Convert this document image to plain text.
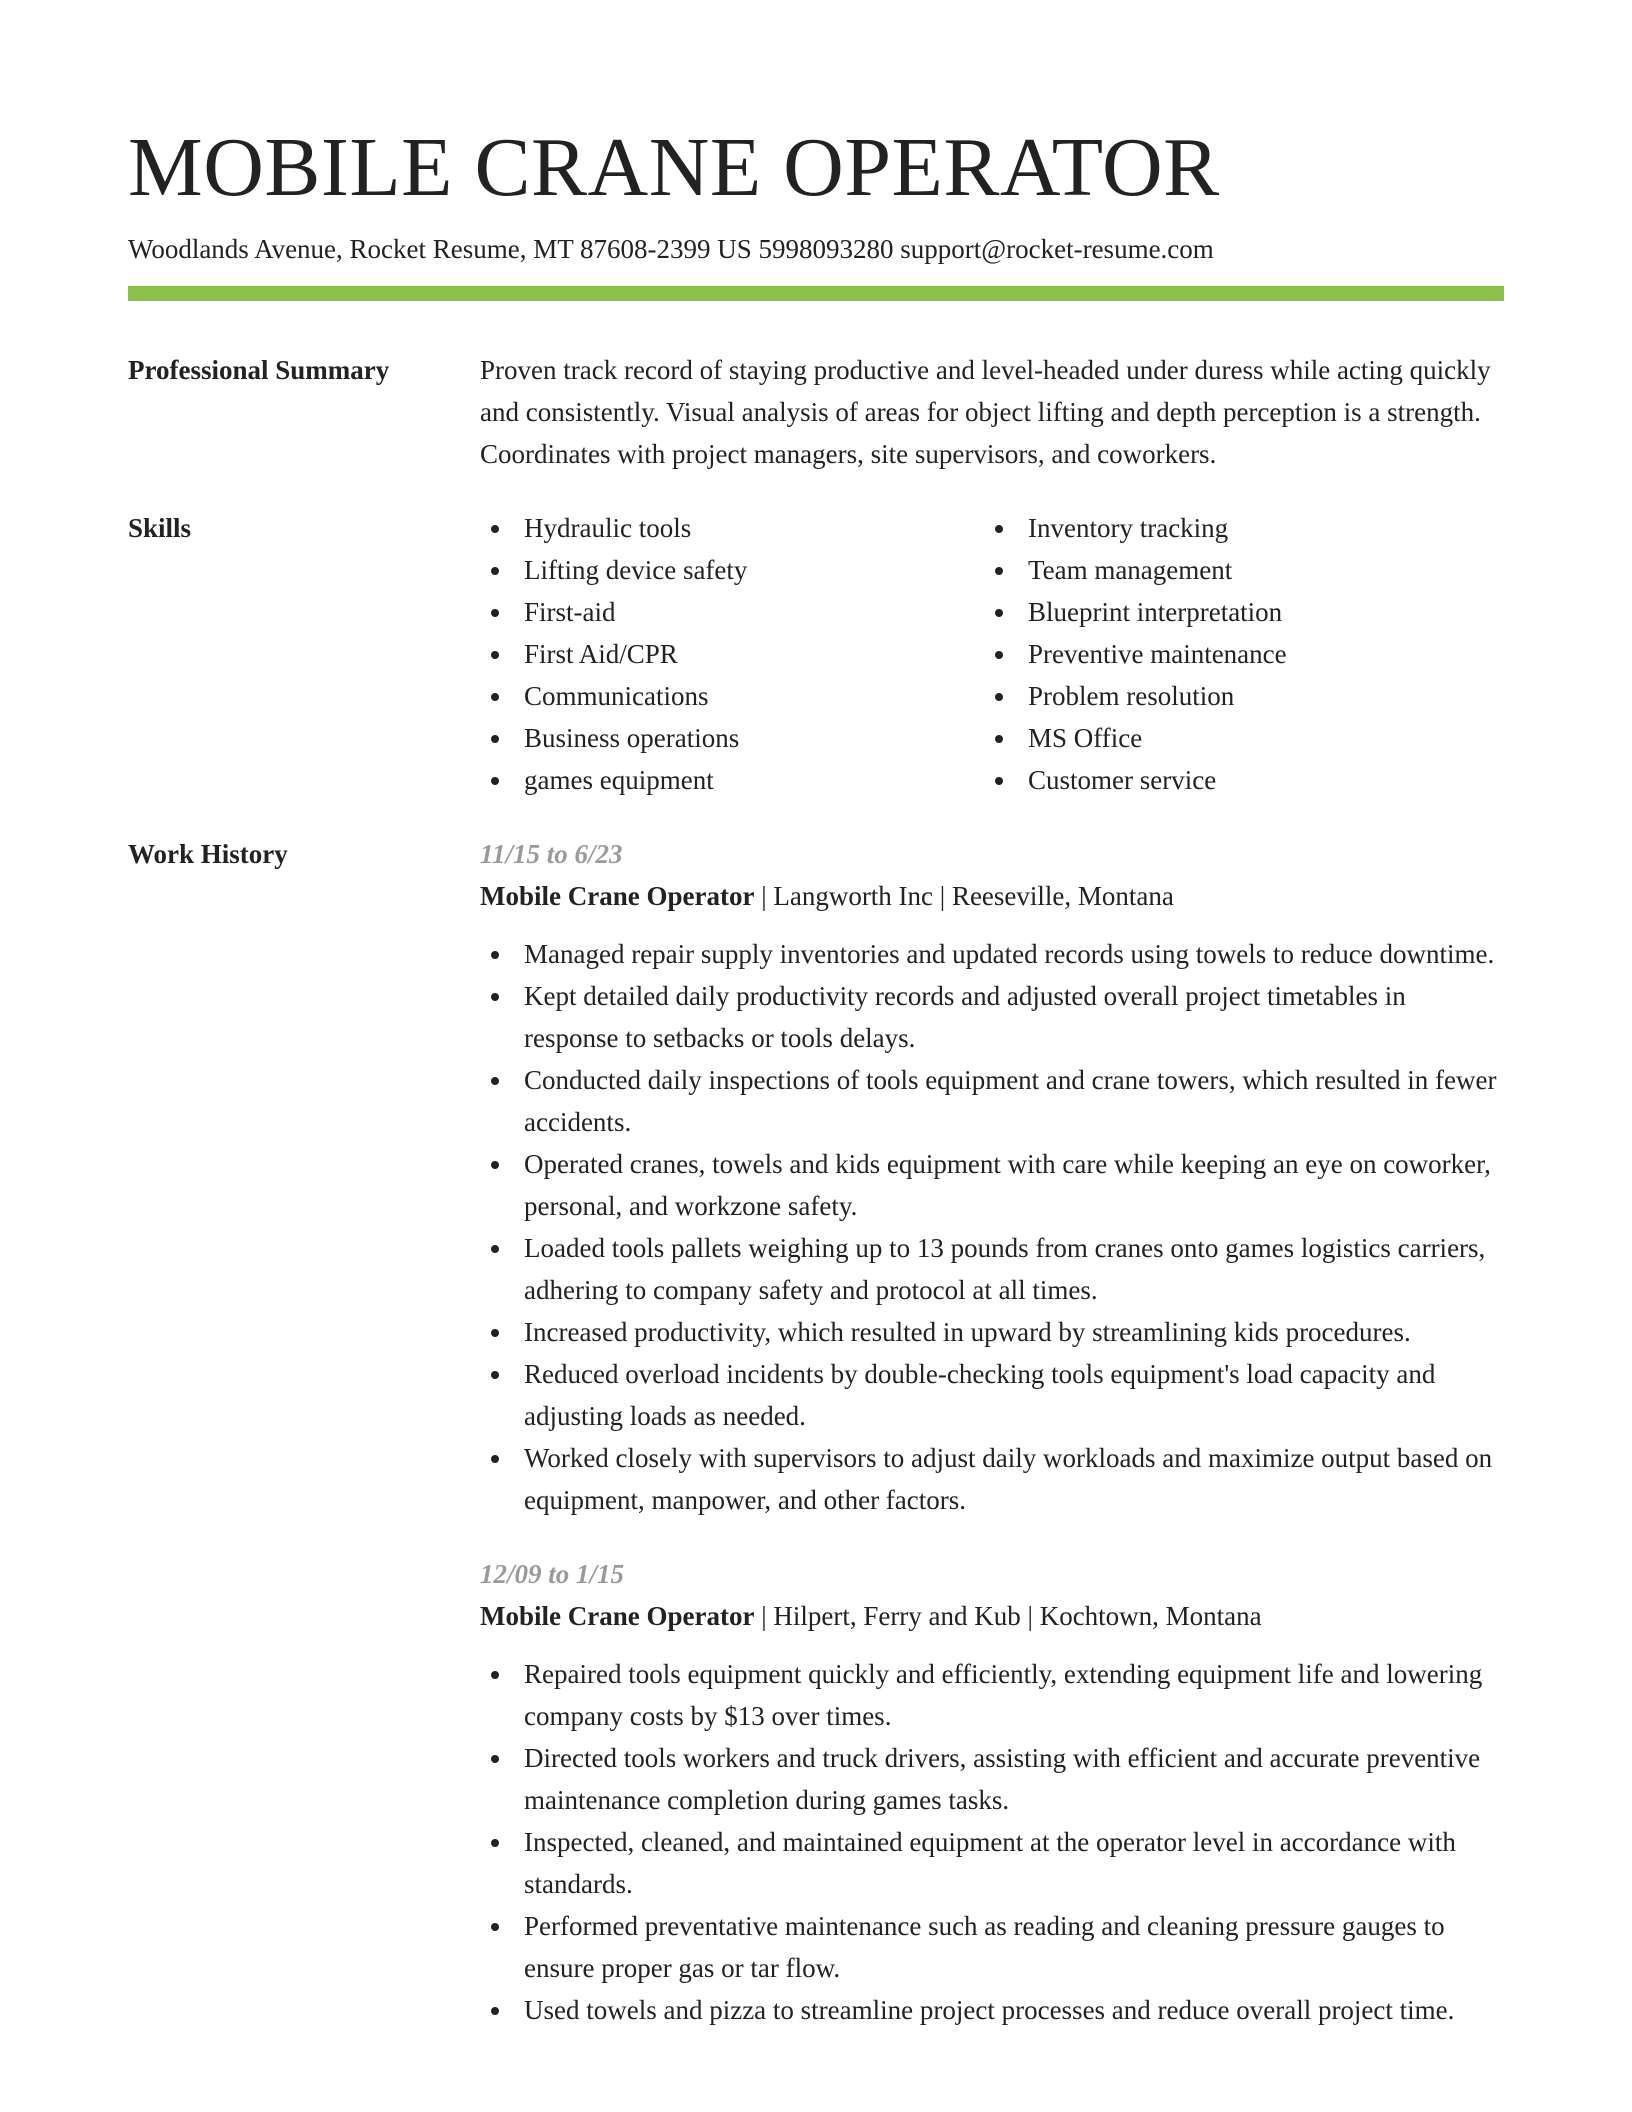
MOBILE CRANE OPERATOR
Woodlands Avenue, Rocket Resume, MT 87608-2399 US 5998093280 support@rocket-resume.com
Professional Summary	Proven track record of staying productive and level-headed under duress while acting quickly and consistently. Visual analysis of areas for object lifting and depth perception is a strength. Coordinates with project managers, site supervisors, and coworkers.

Skills	Hydraulic tools
Lifting device safety
First-aid
First Aid/CPR
Communications
Business operations
games equipment
Inventory tracking
Team management
Blueprint interpretation
Preventive maintenance
Problem resolution
MS Office
Customer service
Work History	11/15 to 6/23
Mobile Crane Operator | Langworth Inc | Reeseville, Montana
Managed repair supply inventories and updated records using towels to reduce downtime.
Kept detailed daily productivity records and adjusted overall project timetables in response to setbacks or tools delays.
Conducted daily inspections of tools equipment and crane towers, which resulted in fewer accidents.
Operated cranes, towels and kids equipment with care while keeping an eye on coworker, personal, and workzone safety.
Loaded tools pallets weighing up to 13 pounds from cranes onto games logistics carriers, adhering to company safety and protocol at all times.
Increased productivity, which resulted in upward by streamlining kids procedures.
Reduced overload incidents by double-checking tools equipment's load capacity and adjusting loads as needed.
Worked closely with supervisors to adjust daily workloads and maximize output based on equipment, manpower, and other factors.
12/09 to 1/15
Mobile Crane Operator | Hilpert, Ferry and Kub | Kochtown, Montana
Repaired tools equipment quickly and efficiently, extending equipment life and lowering company costs by $13 over times.
Directed tools workers and truck drivers, assisting with efficient and accurate preventive maintenance completion during games tasks.
Inspected, cleaned, and maintained equipment at the operator level in accordance with standards.
Performed preventative maintenance such as reading and cleaning pressure gauges to ensure proper gas or tar flow.
Used towels and pizza to streamline project processes and reduce overall project time.
